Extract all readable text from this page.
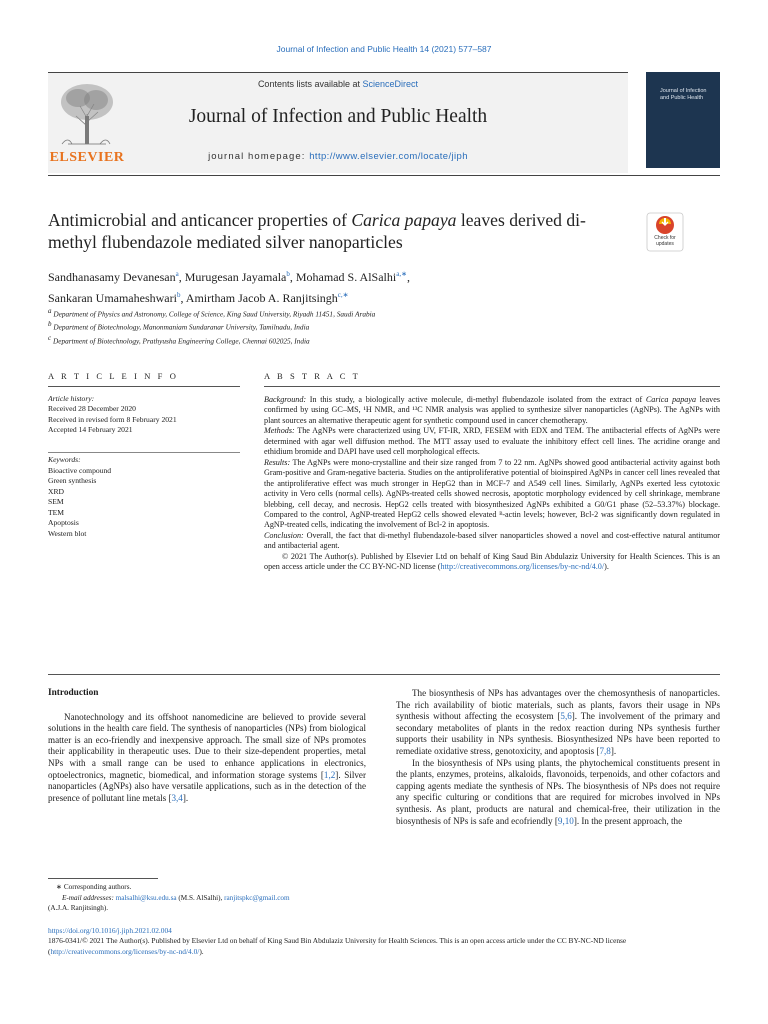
Journal of Infection and Public Health 14 (2021) 577–587
Contents lists available at ScienceDirect
Journal of Infection and Public Health
journal homepage: http://www.elsevier.com/locate/jiph
ELSEVIER
Journal of Infection and Public Health
Antimicrobial and anticancer properties of Carica papaya leaves derived di-methyl flubendazole mediated silver nanoparticles	Check for updates
Sandhanasamy Devanesan$^a$, Murugesan Jayamala$^b$, Mohamad S. AlSalhi$^{a,∗}$,
Sankaran Umamaheshwari$^b$, Amirtham Jacob A. Ranjitsingh$^{c,∗}$
$^a$ Department of Physics and Astronomy, College of Science, King Saud University, Riyadh 11451, Saudi Arabia
$^b$ Department of Biotechnology, Manonmaniam Sundaranar University, Tamilnadu, India
$^c$ Department of Biotechnology, Prathyusha Engineering College, Chennai 602025, India
A R T I C L E I N F O
Article history:
Received 28 December 2020
Received in revised form 8 February 2021
Accepted 14 February 2021
Keywords:
Bioactive compound
Green synthesis
XRD
SEM
TEM
Apoptosis
Western blot
A B S T R A C T

Background: In this study, a biologically active molecule, di-methyl flubendazole isolated from the extract of Carica papaya leaves confirmed by using GC–MS, ¹H NMR, and ¹³C NMR analysis was applied to synthesize silver nanoparticles (AgNPs). The AgNPs with plant sources an alternative therapeutic agent for synthetic compound used in cancer chemotherapy.

Methods: The AgNPs were characterized using UV, FT-IR, XRD, FESEM with EDX and TEM. The antibacterial effects of AgNPs were determined with agar well diffusion method. The MTT assay used to evaluate the inhibitory effect cell lines. The acridine orange and ethidium bromide and DAPI have used cell morphological effects.

Results: The AgNPs were mono-crystalline and their size ranged from 7 to 22 nm. AgNPs showed good antibacterial activity against both Gram-positive and Gram-negative bacteria. Studies on the antiproliferative potential of bioinspired AgNPs in cancer cell lines revealed that the antiproliferative effect was much stronger in HepG2 than in MCF-7 and A549 cell lines. Similarly, AgNPs exerted less cytotoxic activity in Vero cells (normal cells). AgNPs-treated cells showed necrosis, apoptotic morphology evidenced by cell shrinkage, membrane blebbing, cell decay, and necrosis. HepG2 cells treated with biosynthesized AgNPs exhibited a G0/G1 phase (52–53.37%) blockage. Compared to the control, AgNP-treated HepG2 cells showed elevated ᴮ-actin levels; however, Bcl-2 was significantly down regulated in AgNP-treated cells, indicating the involvement of Bcl-2 in apoptosis.

Conclusion: Overall, the fact that di-methyl flubendazole-based silver nanoparticles showed a novel and cost-effective natural antitumor and antibacterial agent.

© 2021 The Author(s). Published by Elsevier Ltd on behalf of King Saud Bin Abdulaziz University for Health Sciences. This is an open access article under the CC BY-NC-ND license (http://creativecommons.org/licenses/by-nc-nd/4.0/).

Introduction

Nanotechnology and its offshoot nanomedicine are believed to provide several solutions in the health care field. The synthesis of nanoparticles (NPs) from biological matter is an eco-friendly and inexpensive approach. The small size of NPs promotes their applicability in therapeutic uses. Due to their size-dependent properties, metal NPs with a small range can be used to enhance applications in electronics, optoelectronics, magnetic, biomedical, and information storage systems [1,2]. Silver nanoparticles (AgNPs) also have versatile applications, such as in the detection of the presence of pollutant line metals [3,4].

The biosynthesis of NPs has advantages over the chemosynthesis of nanoparticles. The rich availability of biotic materials, such as plants, favors their usage in NPs synthesis without affecting the ecosystem [5,6]. The involvement of the primary and secondary metabolites of plants in the redox reaction during NPs synthesis further supports their usability in NPs synthesis. Biosynthesized NPs have been reported to remediate oxidative stress, genotoxicity, and apoptosis [7,8].

In the biosynthesis of NPs using plants, the phytochemical constituents present in the plants, enzymes, proteins, alkaloids, flavonoids, terpenoids, and other cofactors and capping agents mediate the synthesis of NPs. The biosynthesis of NPs does not require any specific culturing or conditions that are required for microbes involved in NPs synthesis. As plant, products are natural and chemical-free, their utilization in the biosynthesis of NPs is safe and ecofriendly [9,10]. In the present approach, the

∗ Corresponding authors.
E-mail addresses: malsalhi@ksu.edu.sa (M.S. AlSalhi), ranjitspkc@gmail.com
(A.J.A. Ranjitsingh).
https://doi.org/10.1016/j.jiph.2021.02.004
1876-0341/© 2021 The Author(s). Published by Elsevier Ltd on behalf of King Saud Bin Abdulaziz University for Health Sciences. This is an open access article under the CC BY-NC-ND license (http://creativecommons.org/licenses/by-nc-nd/4.0/).
